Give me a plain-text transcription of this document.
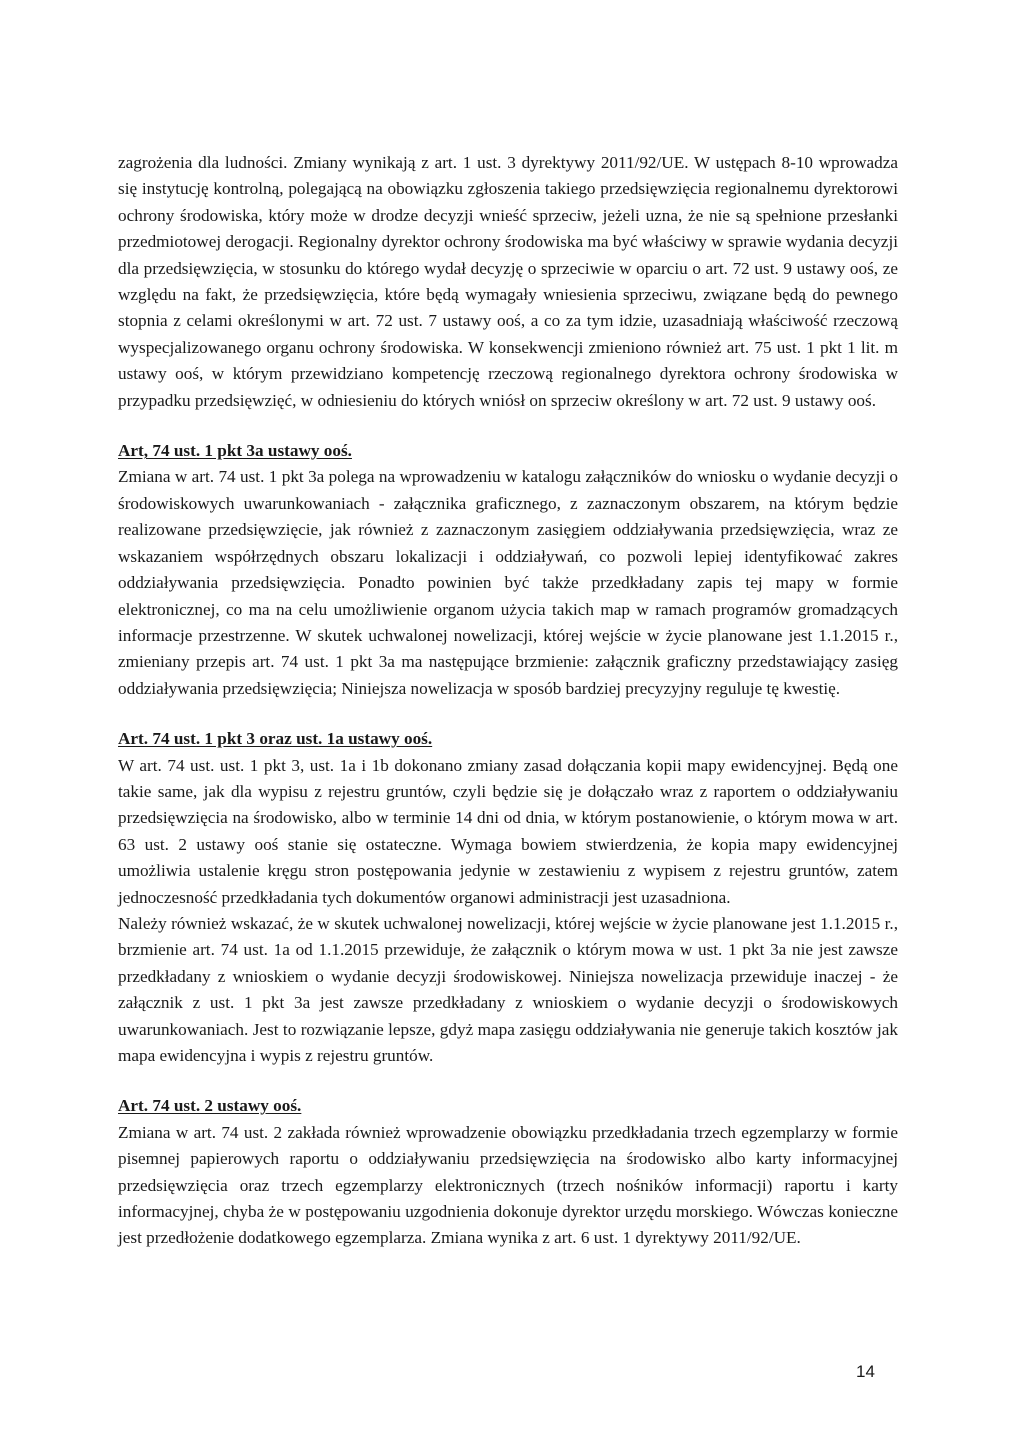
zagrożenia dla ludności. Zmiany wynikają z art. 1 ust. 3 dyrektywy 2011/92/UE. W ustępach 8-10 wprowadza się instytucję kontrolną, polegającą na obowiązku zgłoszenia takiego przedsięwzięcia regionalnemu dyrektorowi ochrony środowiska, który może w drodze decyzji wnieść sprzeciw, jeżeli uzna, że nie są spełnione przesłanki przedmiotowej derogacji. Regionalny dyrektor ochrony środowiska ma być właściwy w sprawie wydania decyzji dla przedsięwzięcia, w stosunku do którego wydał decyzję o sprzeciwie w oparciu o art. 72 ust. 9 ustawy ooś, ze względu na fakt, że przedsięwzięcia, które będą wymagały wniesienia sprzeciwu, związane będą do pewnego stopnia z celami określonymi w art. 72 ust. 7 ustawy ooś, a co za tym idzie, uzasadniają właściwość rzeczową wyspecjalizowanego organu ochrony środowiska. W konsekwencji zmieniono również art. 75 ust. 1 pkt 1 lit. m ustawy ooś, w którym przewidziano kompetencję rzeczową regionalnego dyrektora ochrony środowiska w przypadku przedsięwzięć, w odniesieniu do których wniósł on sprzeciw określony w art. 72 ust. 9 ustawy ooś.

Art, 74 ust. 1 pkt 3a ustawy ooś.

Zmiana w art. 74 ust. 1 pkt 3a polega na wprowadzeniu w katalogu załączników do wniosku o wydanie decyzji o środowiskowych uwarunkowaniach - załącznika graficznego, z zaznaczonym obszarem, na którym będzie realizowane przedsięwzięcie, jak również z zaznaczonym zasięgiem oddziaływania przedsięwzięcia, wraz ze wskazaniem współrzędnych obszaru lokalizacji i oddziaływań, co pozwoli lepiej identyfikować zakres oddziaływania przedsięwzięcia. Ponadto powinien być także przedkładany zapis tej mapy w formie elektronicznej, co ma na celu umożliwienie organom użycia takich map w ramach programów gromadzących informacje przestrzenne. W skutek uchwalonej nowelizacji, której wejście w życie planowane jest 1.1.2015 r., zmieniany przepis art. 74 ust. 1 pkt 3a ma następujące brzmienie: załącznik graficzny przedstawiający zasięg oddziaływania przedsięwzięcia; Niniejsza nowelizacja w sposób bardziej precyzyjny reguluje tę kwestię.

Art. 74 ust. 1 pkt 3 oraz ust. 1a ustawy ooś.

W art. 74 ust. ust. 1 pkt 3, ust. 1a i 1b dokonano zmiany zasad dołączania kopii mapy ewidencyjnej. Będą one takie same, jak dla wypisu z rejestru gruntów, czyli będzie się je dołączało wraz z raportem o oddziaływaniu przedsięwzięcia na środowisko, albo w terminie 14 dni od dnia, w którym postanowienie, o którym mowa w art. 63 ust. 2 ustawy ooś stanie się ostateczne. Wymaga bowiem stwierdzenia, że kopia mapy ewidencyjnej umożliwia ustalenie kręgu stron postępowania jedynie w zestawieniu z wypisem z rejestru gruntów, zatem jednoczesność przedkładania tych dokumentów organowi administracji jest uzasadniona.

Należy również wskazać, że w skutek uchwalonej nowelizacji, której wejście w życie planowane jest 1.1.2015 r., brzmienie art. 74 ust. 1a od 1.1.2015 przewiduje, że załącznik o którym mowa w ust. 1 pkt 3a nie jest zawsze przedkładany z wnioskiem o wydanie decyzji środowiskowej. Niniejsza nowelizacja przewiduje inaczej - że załącznik z ust. 1 pkt 3a jest zawsze przedkładany z wnioskiem o wydanie decyzji o środowiskowych uwarunkowaniach. Jest to rozwiązanie lepsze, gdyż mapa zasięgu oddziaływania nie generuje takich kosztów jak mapa ewidencyjna i wypis z rejestru gruntów.

Art. 74 ust. 2 ustawy ooś.

Zmiana w art. 74 ust. 2 zakłada również wprowadzenie obowiązku przedkładania trzech egzemplarzy w formie pisemnej papierowych raportu o oddziaływaniu przedsięwzięcia na środowisko albo karty informacyjnej przedsięwzięcia oraz trzech egzemplarzy elektronicznych (trzech nośników informacji) raportu i karty informacyjnej, chyba że w postępowaniu uzgodnienia dokonuje dyrektor urzędu morskiego. Wówczas konieczne jest przedłożenie dodatkowego egzemplarza. Zmiana wynika z art. 6 ust. 1 dyrektywy 2011/92/UE.

14
